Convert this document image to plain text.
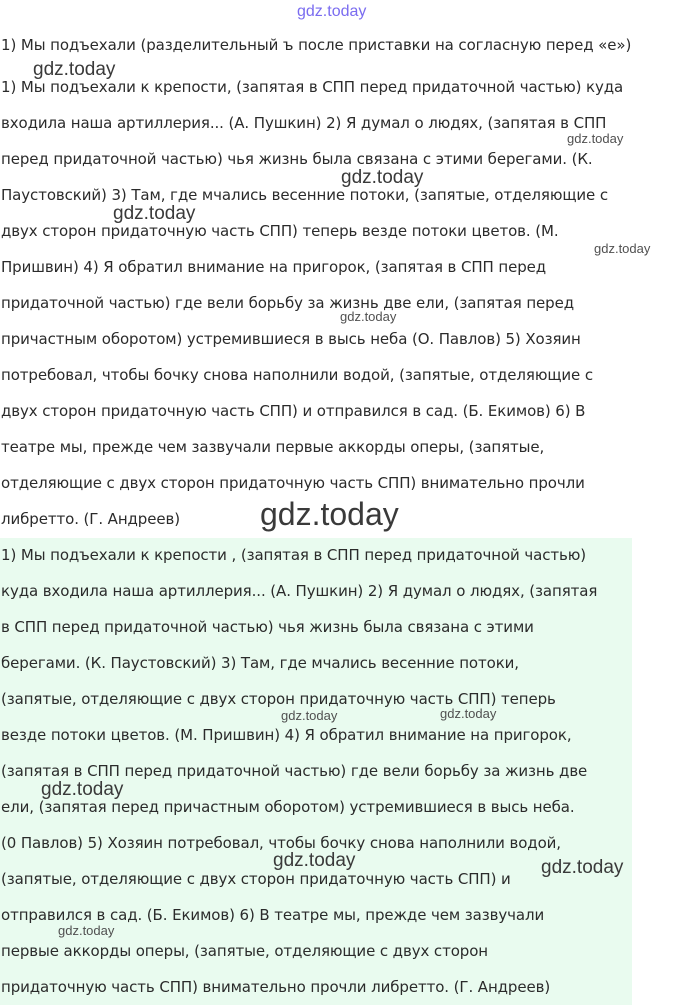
gdz.today
gdz.today
gdz.today
gdz.today
gdz.today
gdz.today
gdz.today
gdz.today
gdz.today	gdz.today
gdz.today
gdz.today	gdz.today
gdz.today
1) Мы подъехали (разделительный ъ после приставки на согласную перед «е»)
1) Мы подъехали к крепости, (запятая в СПП перед придаточной частью) куда
входила наша артиллерия... (А. Пушкин) 2) Я думал о людях, (запятая в СПП
перед придаточной частью) чья жизнь была связана с этими берегами. (К.
Паустовский) 3) Там, где мчались весенние потоки, (запятые, отделяющие с
двух сторон придаточную часть СПП) теперь везде потоки цветов. (М.
Пришвин) 4) Я обратил внимание на пригорок, (запятая в СПП перед
придаточной частью) где вели борьбу за жизнь две ели, (запятая перед
причастным оборотом) устремившиеся в высь неба (О. Павлов) 5) Хозяин
потребовал, чтобы бочку снова наполнили водой, (запятые, отделяющие с
двух сторон придаточную часть СПП) и отправился в сад. (Б. Екимов) 6) В
театре мы, прежде чем зазвучали первые аккорды оперы, (запятые,
отделяющие с двух сторон придаточную часть СПП) внимательно прочли
либретто. (Г. Андреев)
1) Мы подъехали к крепости , (запятая в СПП перед придаточной частью)
куда входила наша артиллерия... (А. Пушкин) 2) Я думал о людях, (запятая
в СПП перед придаточной частью) чья жизнь была связана с этими
берегами. (К. Паустовский) 3) Там, где мчались весенние потоки,
(запятые, отделяющие с двух сторон придаточную часть СПП) теперь
везде потоки цветов. (М. Пришвин) 4) Я обратил внимание на пригорок,
(запятая в СПП перед придаточной частью) где вели борьбу за жизнь две
ели, (запятая перед причастным оборотом) устремившиеся в высь неба.
(0 Павлов) 5) Хозяин потребовал, чтобы бочку снова наполнили водой,
(запятые, отделяющие с двух сторон придаточную часть СПП) и
отправился в сад. (Б. Екимов) 6) В театре мы, прежде чем зазвучали
первые аккорды оперы, (запятые, отделяющие с двух сторон
придаточную часть СПП) внимательно прочли либретто. (Г. Андреев)
